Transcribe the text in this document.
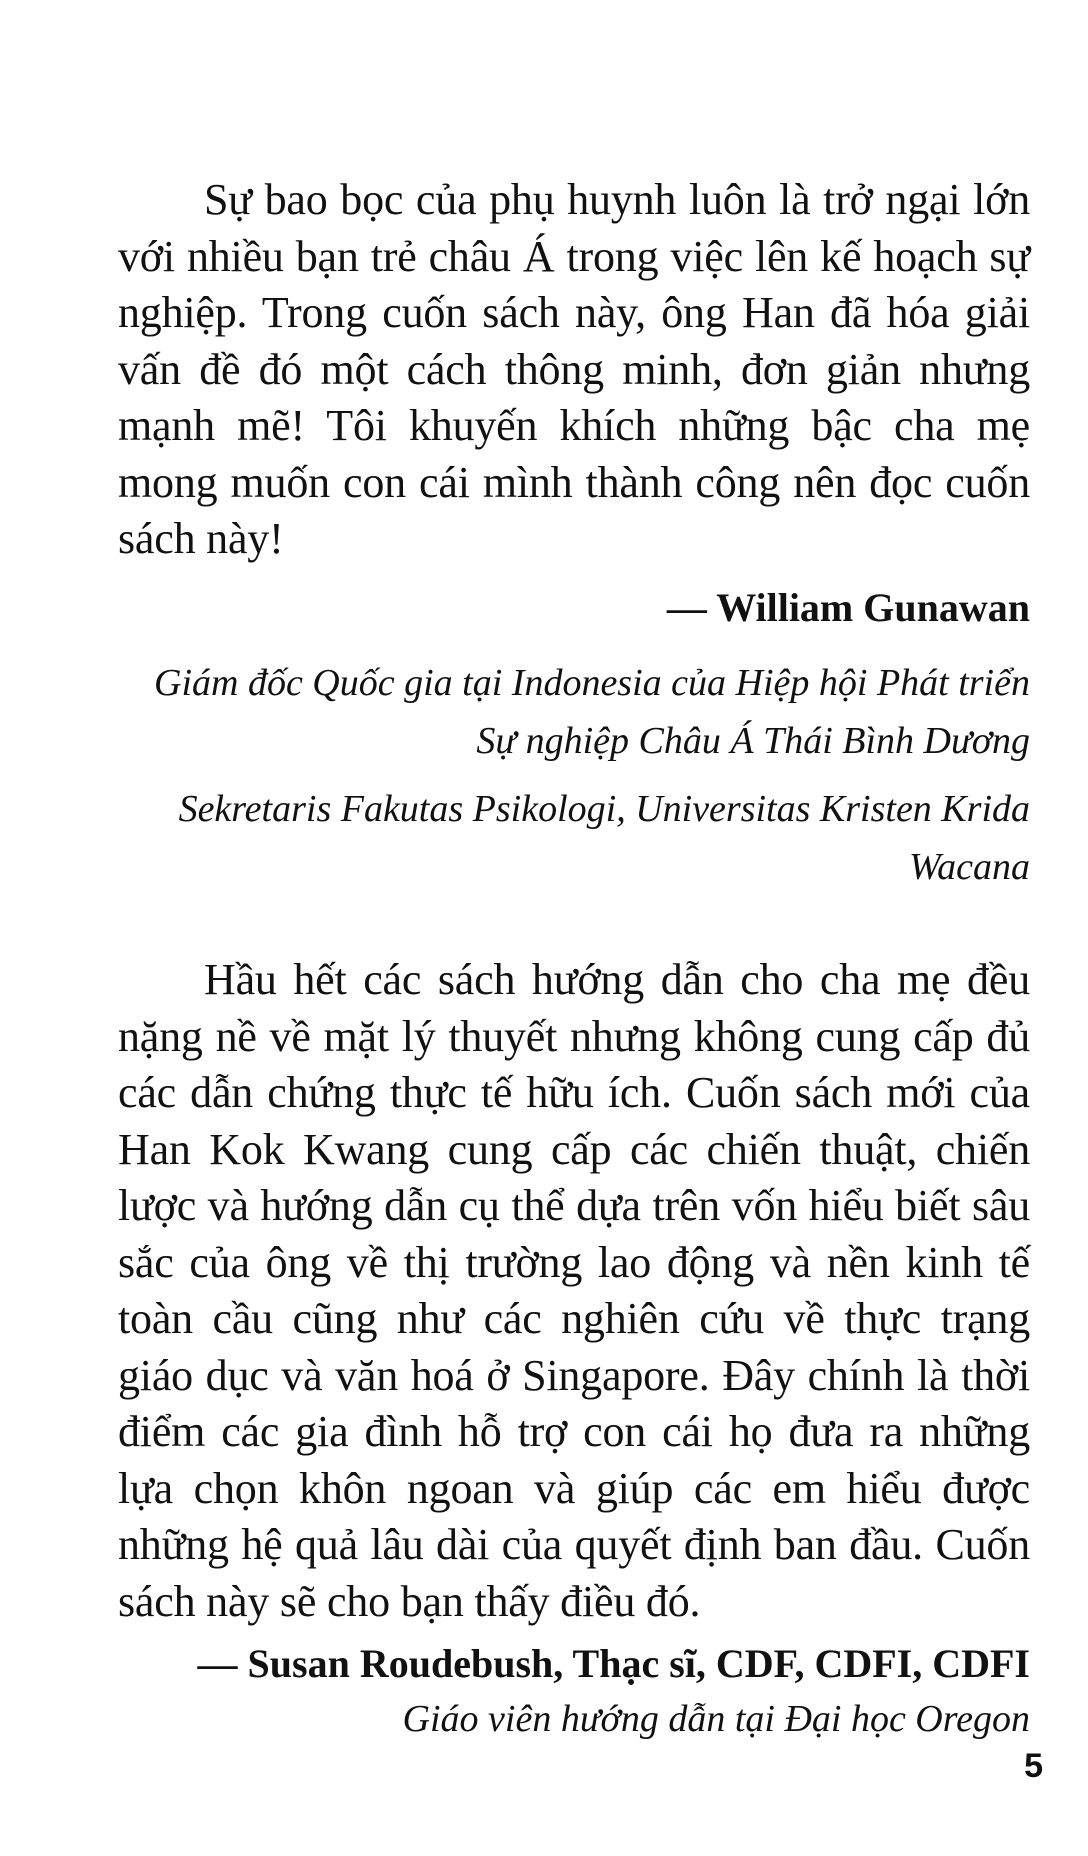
Sự bao bọc của phụ huynh luôn là trở ngại lớn với nhiều bạn trẻ châu Á trong việc lên kế hoạch sự nghiệp. Trong cuốn sách này, ông Han đã hóa giải vấn đề đó một cách thông minh, đơn giản nhưng mạnh mẽ! Tôi khuyến khích những bậc cha mẹ mong muốn con cái mình thành công nên đọc cuốn sách này!

— William Gunawan

Giám đốc Quốc gia tại Indonesia của Hiệp hội Phát triển

Sự nghiệp Châu Á Thái Bình Dương

Sekretaris Fakutas Psikologi, Universitas Kristen Krida Wacana

Hầu hết các sách hướng dẫn cho cha mẹ đều nặng nề về mặt lý thuyết nhưng không cung cấp đủ các dẫn chứng thực tế hữu ích. Cuốn sách mới của Han Kok Kwang cung cấp các chiến thuật, chiến lược và hướng dẫn cụ thể dựa trên vốn hiểu biết sâu sắc của ông về thị trường lao động và nền kinh tế toàn cầu cũng như các nghiên cứu về thực trạng giáo dục và văn hoá ở Singapore. Đây chính là thời điểm các gia đình hỗ trợ con cái họ đưa ra những lựa chọn khôn ngoan và giúp các em hiểu được những hệ quả lâu dài của quyết định ban đầu. Cuốn sách này sẽ cho bạn thấy điều đó.

— Susan Roudebush, Thạc sĩ, CDF, CDFI, CDFI

Giáo viên hướng dẫn tại Đại học Oregon

5
